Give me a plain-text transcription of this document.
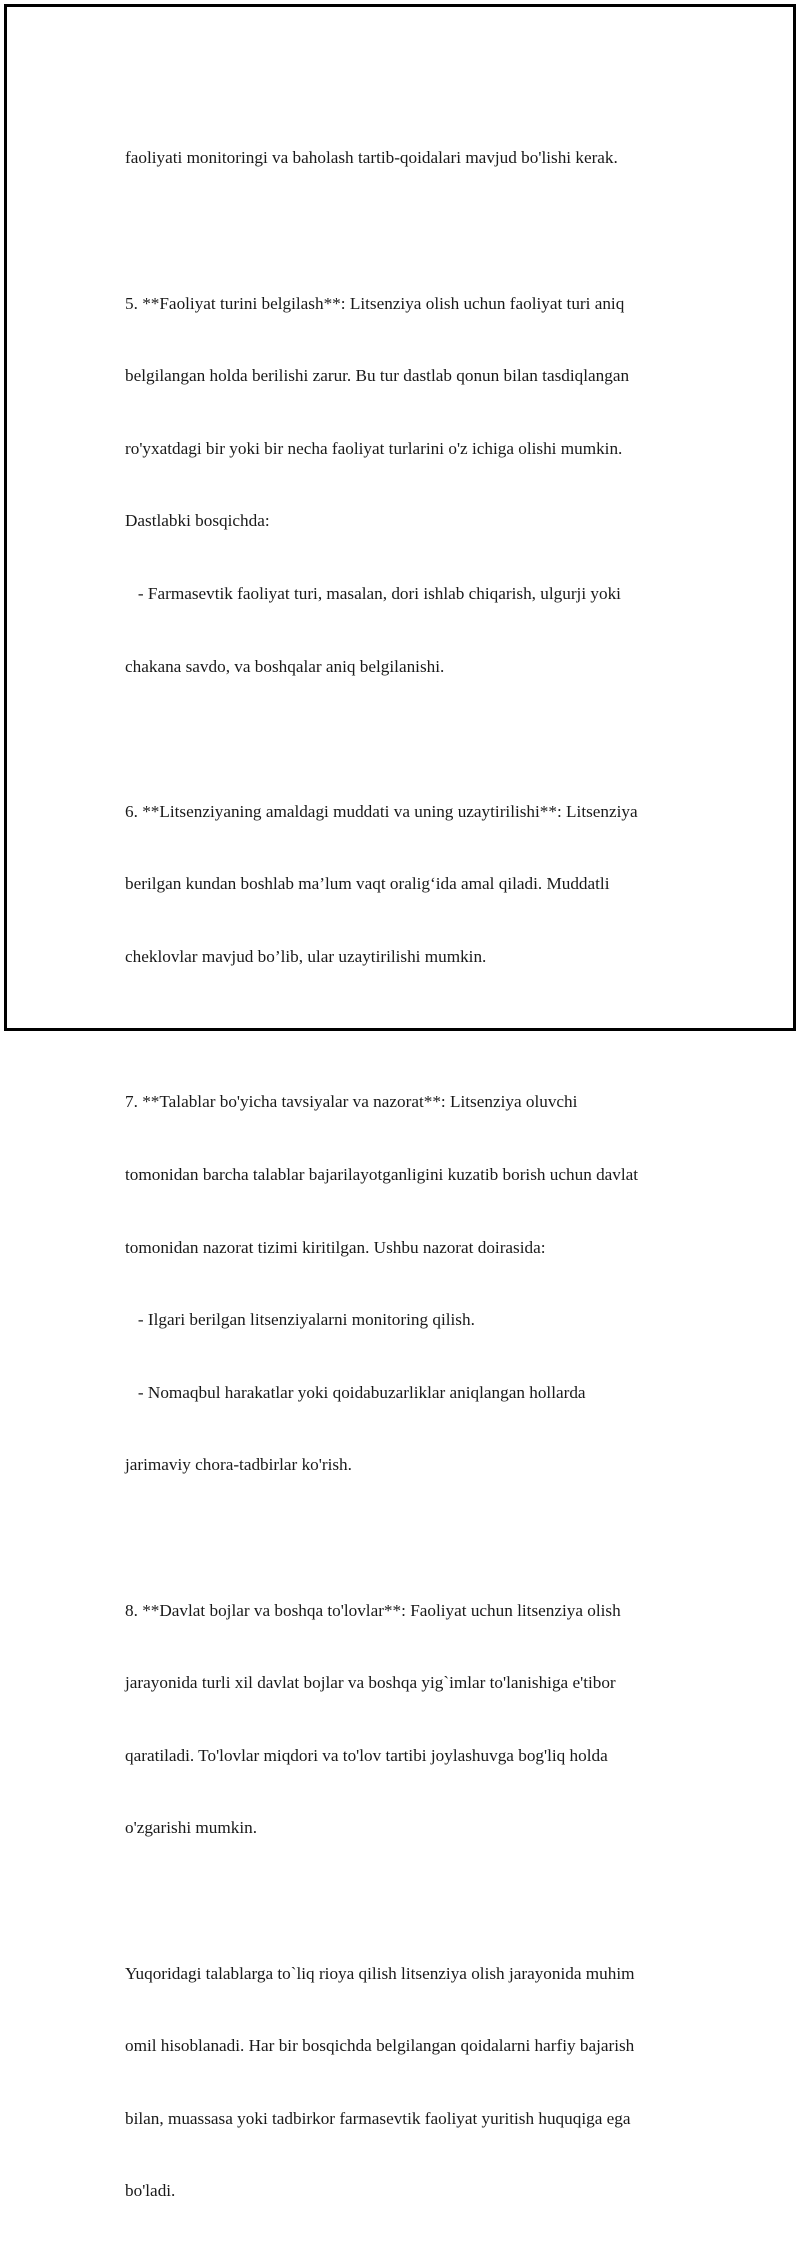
faoliyati monitoringi va baholash tartib-qoidalari mavjud bo'lishi kerak.

5. **Faoliyat turini belgilash**: Litsenziya olish uchun faoliyat turi aniq

belgilangan holda berilishi zarur. Bu tur dastlab qonun bilan tasdiqlangan

ro'yxatdagi bir yoki bir necha faoliyat turlarini o'z ichiga olishi mumkin.

Dastlabki bosqichda:

- Farmasevtik faoliyat turi, masalan, dori ishlab chiqarish, ulgurji yoki

chakana savdo, va boshqalar aniq belgilanishi.

6. **Litsenziyaning amaldagi muddati va uning uzaytirilishi**: Litsenziya

berilgan kundan boshlab ma’lum vaqt oralig‘ida amal qiladi. Muddatli

cheklovlar mavjud bo’lib, ular uzaytirilishi mumkin.

7. **Talablar bo'yicha tavsiyalar va nazorat**: Litsenziya oluvchi

tomonidan barcha talablar bajarilayotganligini kuzatib borish uchun davlat

tomonidan nazorat tizimi kiritilgan. Ushbu nazorat doirasida:

- Ilgari berilgan litsenziyalarni monitoring qilish.

- Nomaqbul harakatlar yoki qoidabuzarliklar aniqlangan hollarda

jarimaviy chora-tadbirlar ko'rish.

8. **Davlat bojlar va boshqa to'lovlar**: Faoliyat uchun litsenziya olish

jarayonida turli xil davlat bojlar va boshqa yig`imlar to'lanishiga e'tibor

qaratiladi. To'lovlar miqdori va to'lov tartibi joylashuvga bog'liq holda

o'zgarishi mumkin.

Yuqoridagi talablarga to`liq rioya qilish litsenziya olish jarayonida muhim

omil hisoblanadi. Har bir bosqichda belgilangan qoidalarni harfiy bajarish

bilan, muassasa yoki tadbirkor farmasevtik faoliyat yuritish huquqiga ega

bo'ladi.
